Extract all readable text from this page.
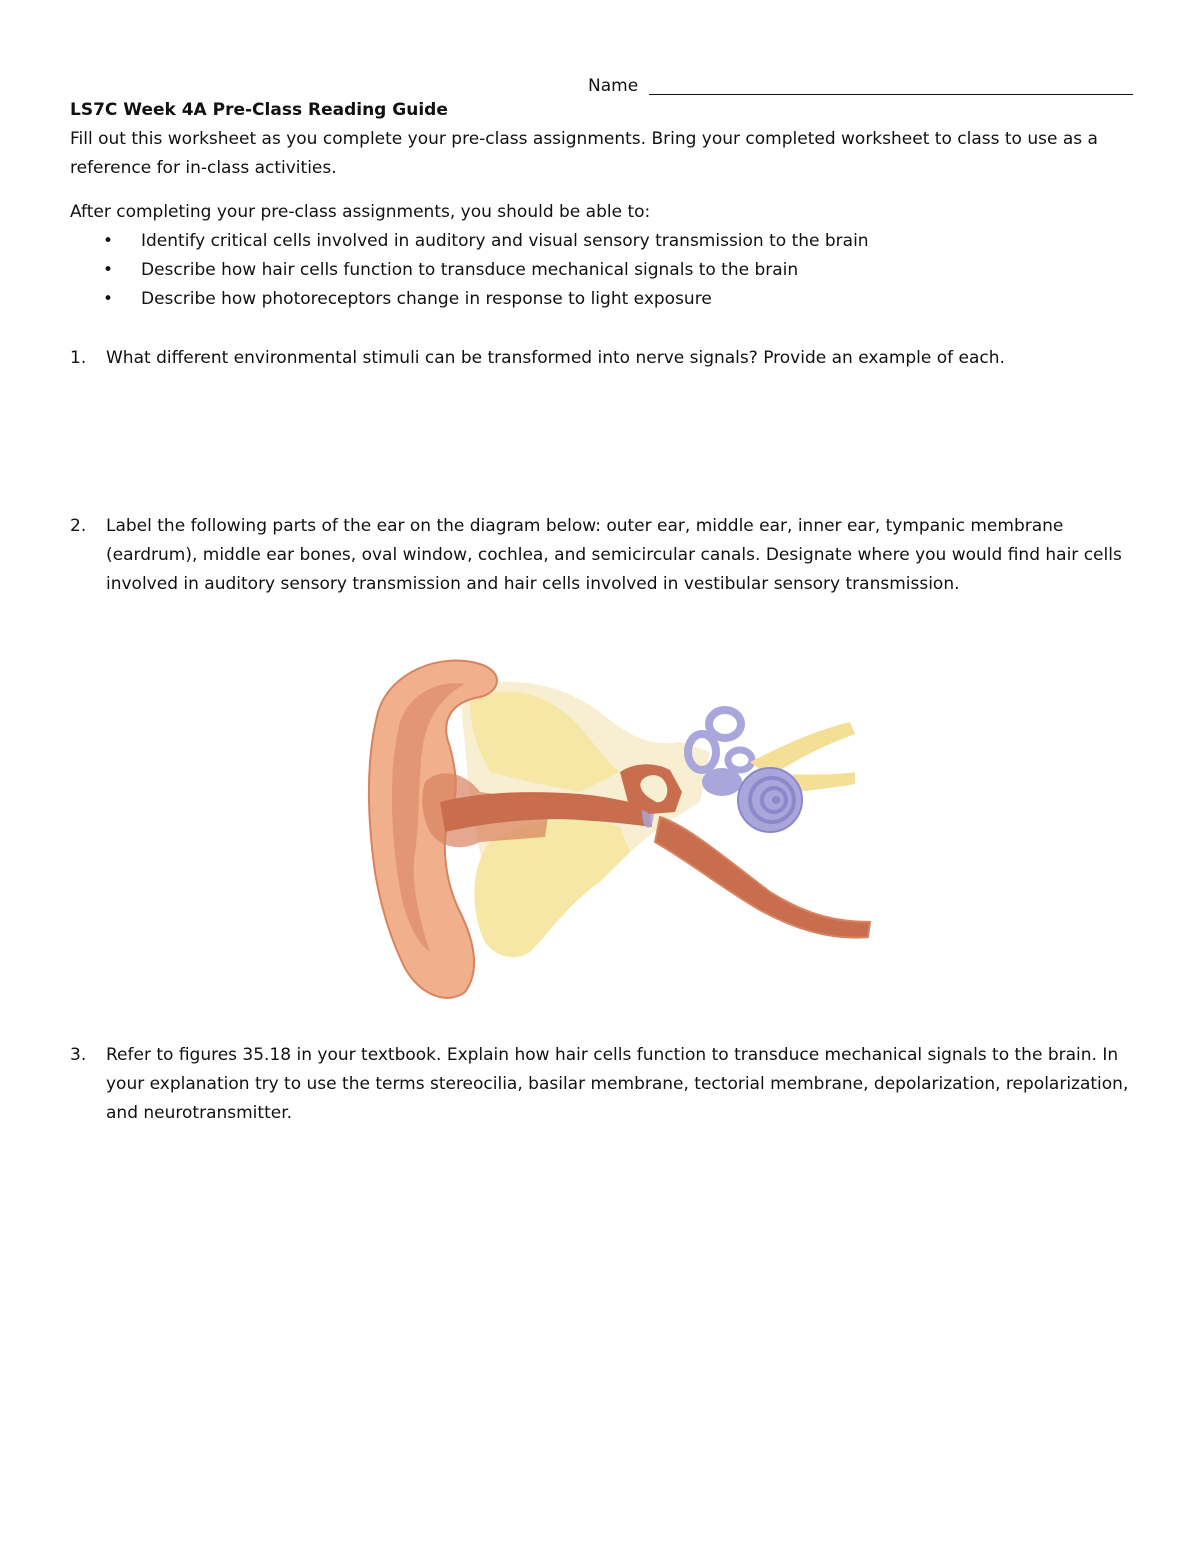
Name
LS7C Week 4A Pre-Class Reading Guide
Fill out this worksheet as you complete your pre-class assignments. Bring your completed worksheet to class to use as a reference for in-class activities.
After completing your pre-class assignments, you should be able to:
• Identify critical cells involved in auditory and visual sensory transmission to the brain
• Describe how hair cells function to transduce mechanical signals to the brain
• Describe how photoreceptors change in response to light exposure
1.	What different environmental stimuli can be transformed into nerve signals? Provide an example of each.
2.	Label the following parts of the ear on the diagram below: outer ear, middle ear, inner ear, tympanic membrane (eardrum), middle ear bones, oval window, cochlea, and semicircular canals. Designate where you would find hair cells involved in auditory sensory transmission and hair cells involved in vestibular sensory transmission.
3.	Refer to figures 35.18 in your textbook. Explain how hair cells function to transduce mechanical signals to the brain. In your explanation try to use the terms stereocilia, basilar membrane, tectorial membrane, depolarization, repolarization, and neurotransmitter.
